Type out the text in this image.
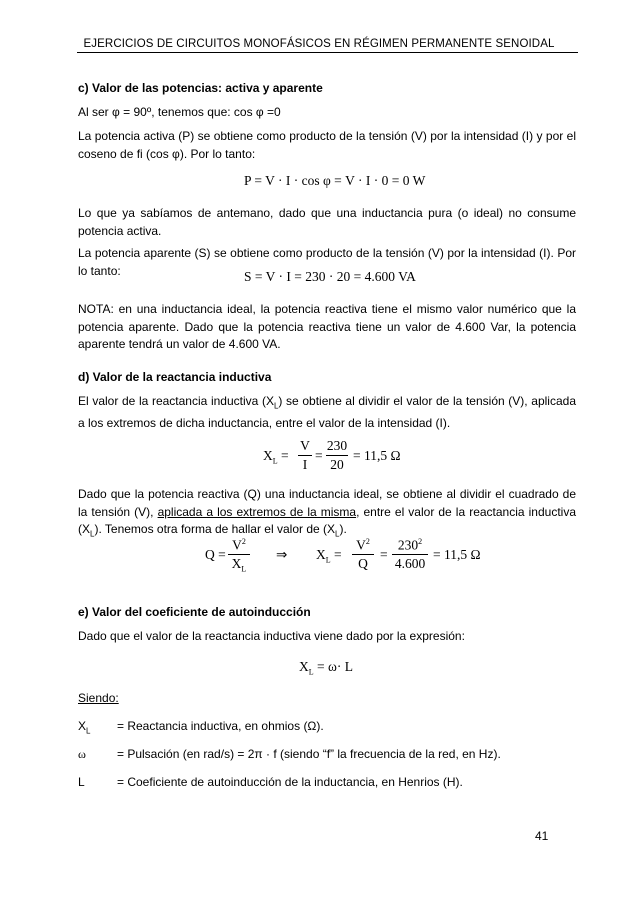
EJERCICIOS DE CIRCUITOS MONOFÁSICOS EN RÉGIMEN PERMANENTE SENOIDAL
c) Valor de las potencias: activa y aparente
Al ser φ = 90º, tenemos que: cos φ =0
La potencia activa (P) se obtiene como producto de la tensión (V) por la intensidad (I) y por el coseno de fi (cos φ). Por lo tanto:
P = V · I · cos φ = V · I · 0 = 0 W
Lo que ya sabíamos de antemano, dado que una inductancia pura (o ideal) no consume potencia activa.
La potencia aparente (S) se obtiene como producto de la tensión (V) por la intensidad (I). Por lo tanto:	S = V · I = 230 · 20 = 4.600 VA
NOTA: en una inductancia ideal, la potencia reactiva tiene el mismo valor numérico que la potencia aparente. Dado que la potencia reactiva tiene un valor de 4.600 Var, la potencia aparente tendrá un valor de 4.600 VA.
d) Valor de la reactancia inductiva
El valor de la reactancia inductiva $(X_L)$ se obtiene al dividir el valor de la tensión (V), aplicada a los extremos de dicha inductancia, entre el valor de la intensidad (I).
$X_L$ =
V
I
=
230
20
= 11,5 Ω
Dado que la potencia reactiva (Q) una inductancia ideal, se obtiene al dividir el cuadrado de la tensión (V), aplicada a los extremos de la misma, entre el valor de la reactancia inductiva $(X_L)$. Tenemos otra forma de hallar el valor de $(X_L)$.
Q =
$V^2$
$X_L$
⇒ $X_L$ =
$V^2$
Q
=
$230^2$
4.600
= 11,5 Ω
e) Valor del coeficiente de autoinducción
Dado que el valor de la reactancia inductiva viene dado por la expresión:
$X_L = \omega\cdot L$
Siendo:
$X_L$ = Reactancia inductiva, en ohmios (Ω).
ω	= Pulsación (en rad/s) = 2π · f (siendo “f” la frecuencia de la red, en Hz).
L	= Coeficiente de autoinducción de la inductancia, en Henrios (H).
41
